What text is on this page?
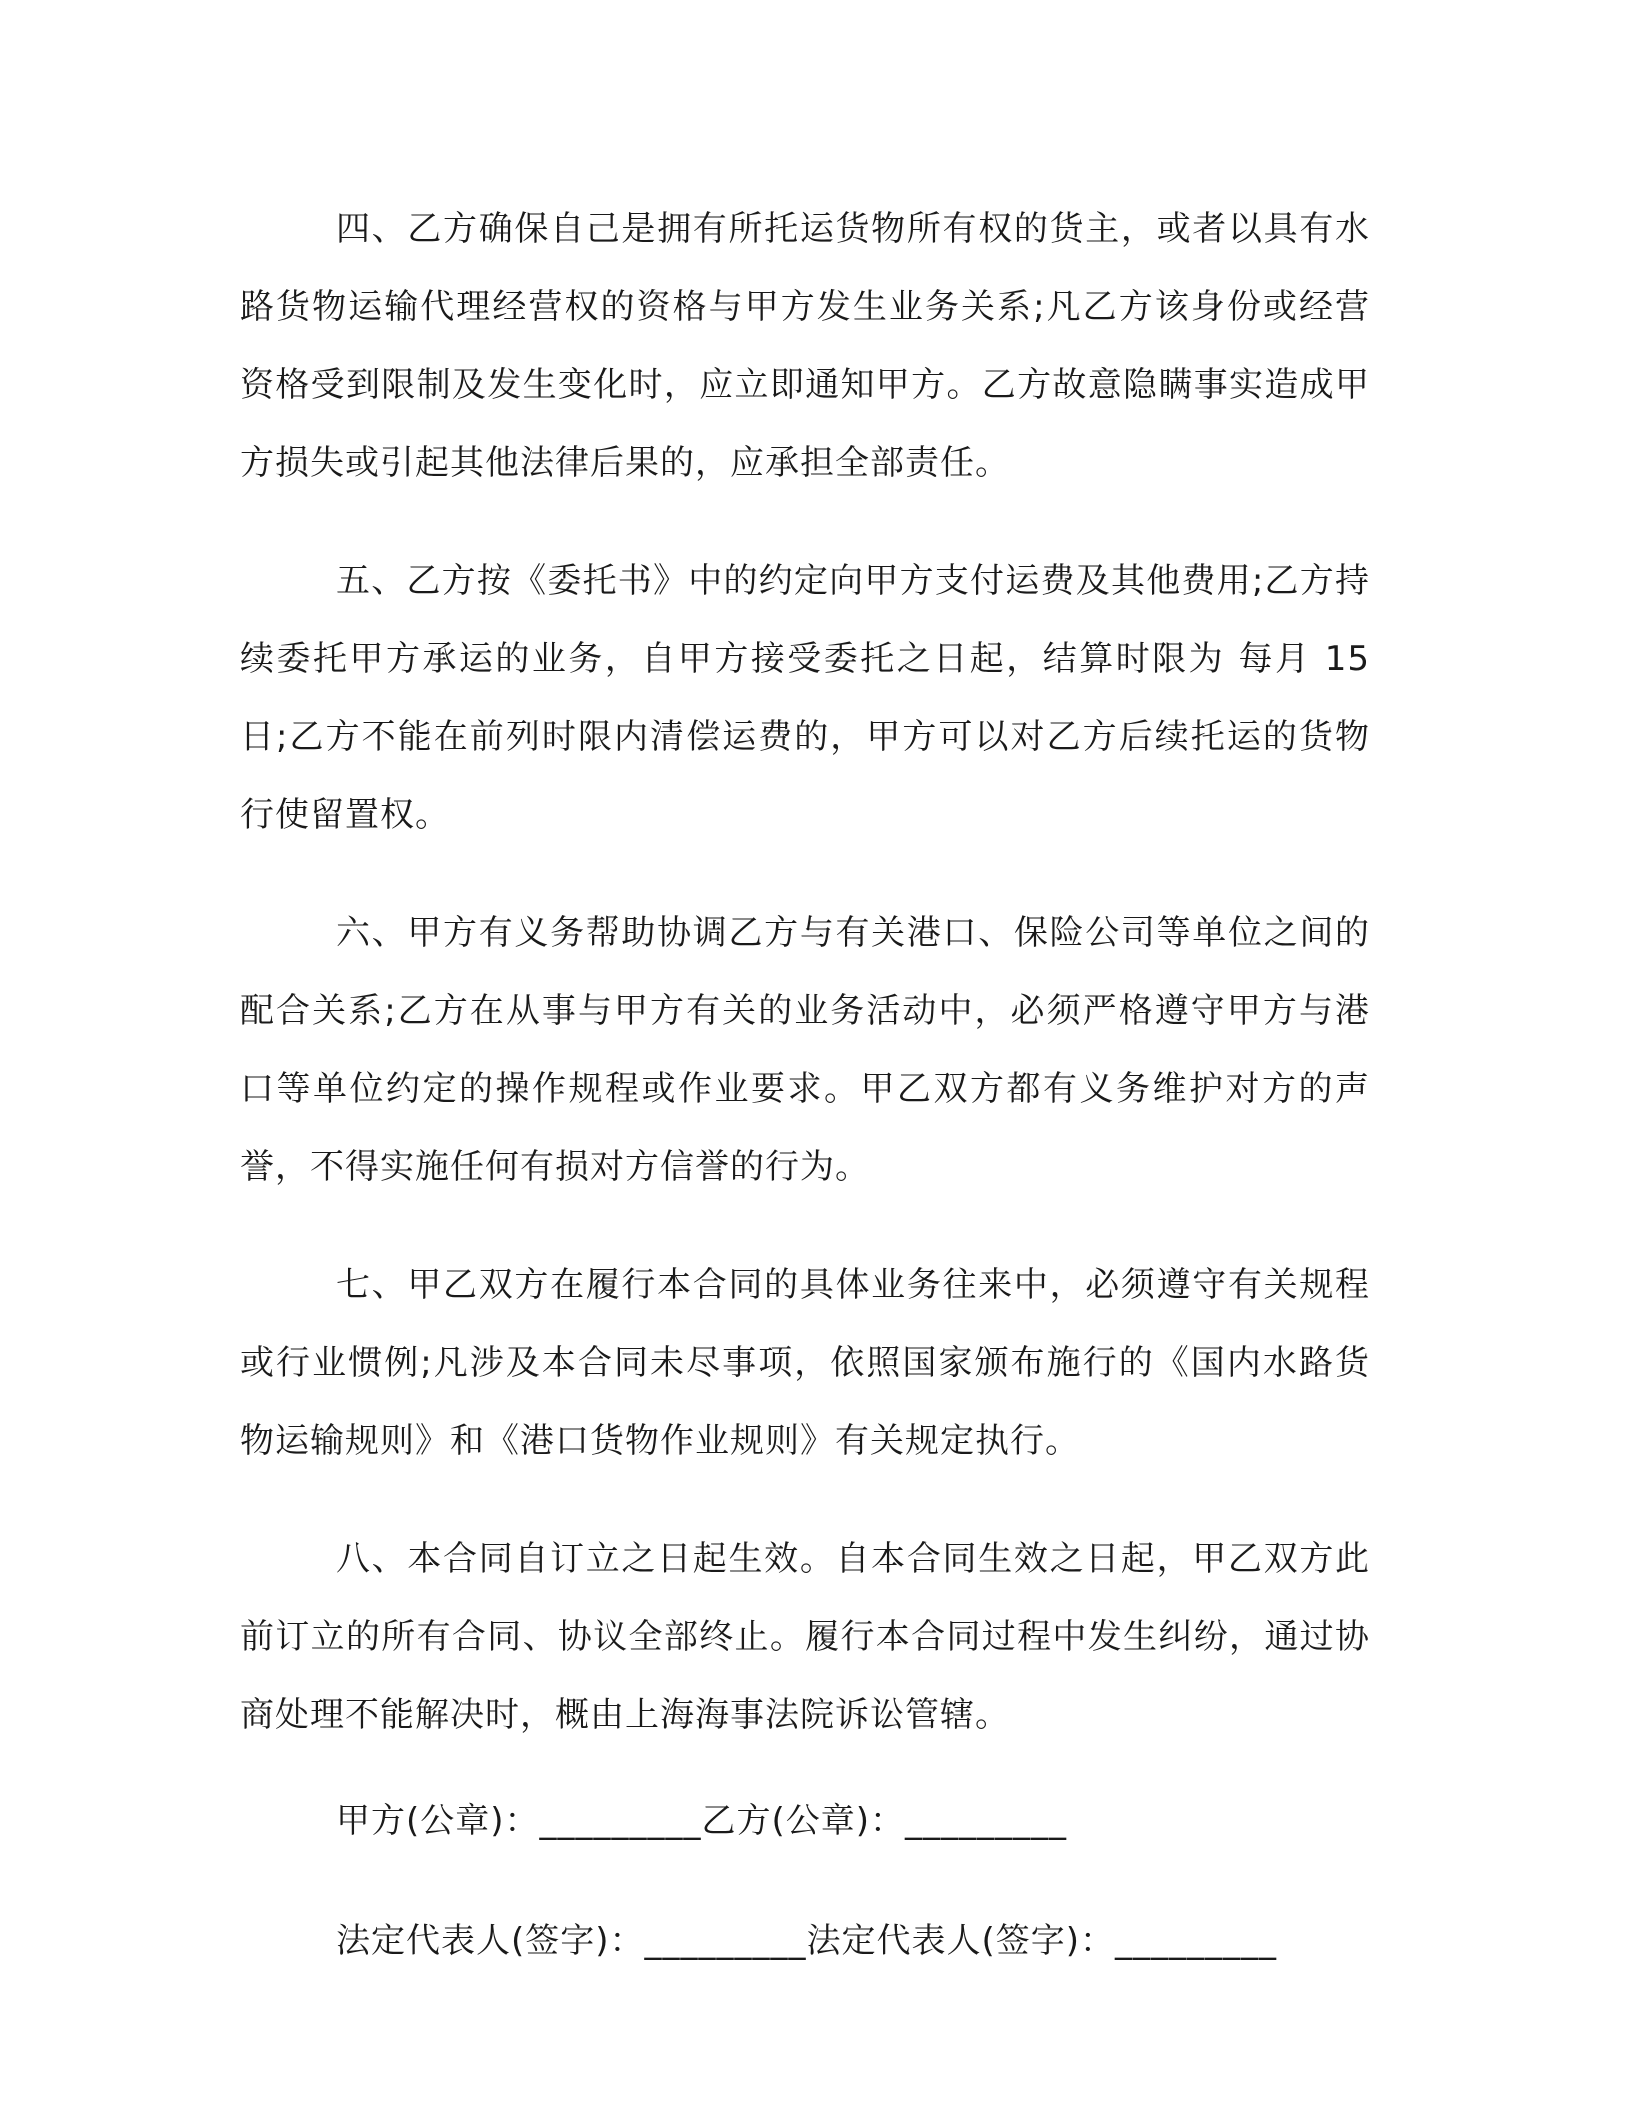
四、乙方确保自己是拥有所托运货物所有权的货主，或者以具有水路货物运输代理经营权的资格与甲方发生业务关系;凡乙方该身份或经营资格受到限制及发生变化时，应立即通知甲方。乙方故意隐瞒事实造成甲方损失或引起其他法律后果的，应承担全部责任。

五、乙方按《委托书》中的约定向甲方支付运费及其他费用;乙方持续委托甲方承运的业务，自甲方接受委托之日起，结算时限为 每月 15 日;乙方不能在前列时限内清偿运费的，甲方可以对乙方后续托运的货物行使留置权。

六、甲方有义务帮助协调乙方与有关港口、保险公司等单位之间的配合关系;乙方在从事与甲方有关的业务活动中，必须严格遵守甲方与港口等单位约定的操作规程或作业要求。甲乙双方都有义务维护对方的声誉，不得实施任何有损对方信誉的行为。

七、甲乙双方在履行本合同的具体业务往来中，必须遵守有关规程或行业惯例;凡涉及本合同未尽事项，依照国家颁布施行的《国内水路货物运输规则》和《港口货物作业规则》有关规定执行。

八、本合同自订立之日起生效。自本合同生效之日起，甲乙双方此前订立的所有合同、协议全部终止。履行本合同过程中发生纠纷，通过协商处理不能解决时，概由上海海事法院诉讼管辖。

甲方(公章)：_________乙方(公章)：_________
法定代表人(签字)：_________法定代表人(签字)：_________
